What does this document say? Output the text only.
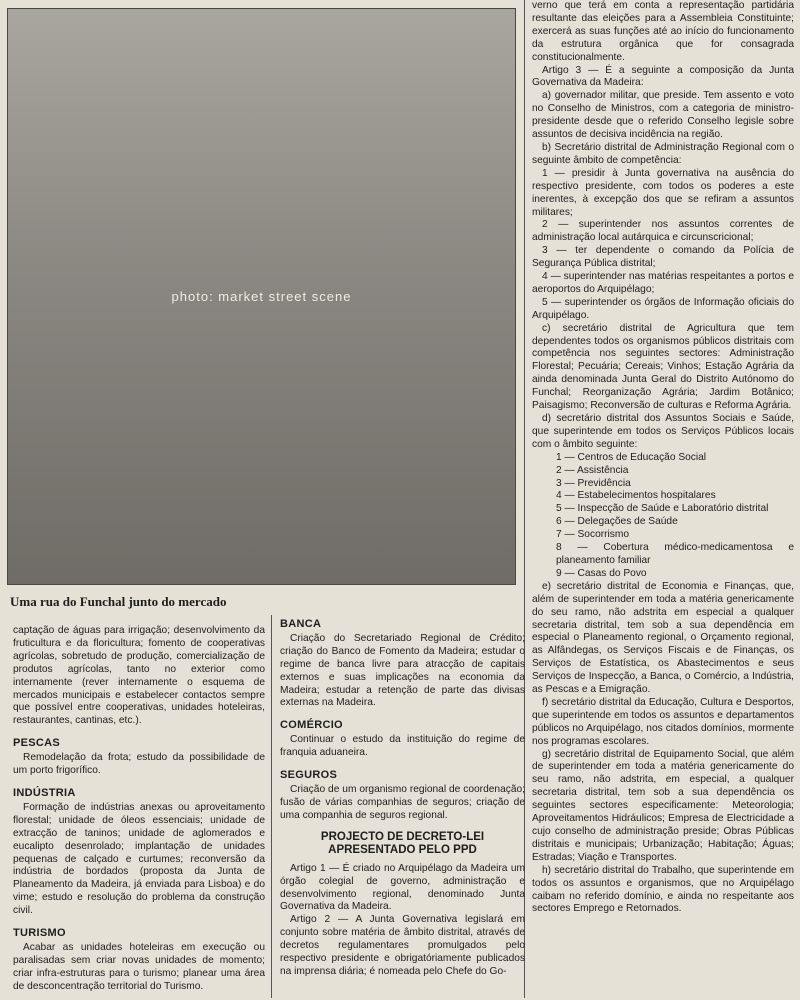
photo: market street scene
Uma rua do Funchal junto do mercado

captação de águas para irrigação; desenvolvimento da fruticultura e da floricultura; fomento de cooperativas agrícolas, sobretudo de produção, comercialização de produtos agrícolas, tanto no exterior como internamente (rever internamente o esquema de mercados municipais e estabelecer contactos sempre que possível entre cooperativas, unidades hoteleiras, restaurantes, cantinas, etc.).

PESCAS

Remodelação da frota; estudo da possibilidade de um porto frigorífico.

INDÚSTRIA

Formação de indústrias anexas ou aproveitamento florestal; unidade de óleos essenciais; unidade de extracção de taninos; unidade de aglomerados e eucalipto desenrolado; implantação de unidades pequenas de calçado e curtumes; reconversão da indústria de bordados (proposta da Junta de Planeamento da Madeira, já enviada para Lisboa) e do vime; estudo e resolução do problema da construção civil.

TURISMO

Acabar as unidades hoteleiras em execução ou paralisadas sem criar novas unidades de momento; criar infra-estruturas para o turismo; planear uma área de desconcentração territorial do Turismo.

BANCA

Criação do Secretariado Regional de Crédito; criação do Banco de Fomento da Madeira; estudar o regime de banca livre para atracção de capitais externos e suas implicações na economia da Madeira; estudar a retenção de parte das divisas externas na Madeira.

COMÉRCIO

Continuar o estudo da instituição do regime de franquia aduaneira.

SEGUROS

Criação de um organismo regional de coordenação; fusão de várias companhias de seguros; criação de uma companhia de seguros regional.

PROJECTO DE DECRETO-LEI
APRESENTADO PELO PPD

Artigo 1 — É criado no Arquipélago da Madeira um órgão colegial de governo, administração e desenvolvimento regional, denominado Junta Governativa da Madeira.

Artigo 2 — A Junta Governativa legislará em conjunto sobre matéria de âmbito distrital, através de decretos regulamentares promulgados pelo respectivo presidente e obrigatóriamente publicados na imprensa diária; é nomeada pelo Chefe do Go-

verno que terá em conta a representação partidária resultante das eleições para a Assembleia Constituinte; exercerá as suas funções até ao início do funcionamento da estrutura orgânica que for consagrada constitucionalmente.

Artigo 3 — É a seguinte a composição da Junta Governativa da Madeira:

a) governador militar, que preside. Tem assento e voto no Conselho de Ministros, com a categoria de ministro-presidente desde que o referido Conselho legisle sobre assuntos de decisiva incidência na região.

b) Secretário distrital de Administração Regional com o seguinte âmbito de competência:

1 — presidir à Junta governativa na ausência do respectivo presidente, com todos os poderes a este inerentes, à excepção dos que se refiram a assuntos militares;

2 — superintender nos assuntos correntes de administração local autárquica e circunscricional;

3 — ter dependente o comando da Polícia de Segurança Pública distrital;

4 — superintender nas matérias respeitantes a portos e aeroportos do Arquipélago;

5 — superintender os órgãos de Informação oficiais do Arquipélago.

c) secretário distrital de Agricultura que tem dependentes todos os organismos públicos distritais com competência nos seguintes sectores: Administração Florestal; Pecuária; Cereais; Vinhos; Estação Agrária da ainda denominada Junta Geral do Distrito Autónomo do Funchal; Reorganização Agrária; Jardim Botânico; Paisagismo; Reconversão de culturas e Reforma Agrária.

d) secretário distrital dos Assuntos Sociais e Saúde, que superintende em todos os Serviços Públicos locais com o âmbito seguinte:

1 — Centros de Educação Social

2 — Assistência

3 — Previdência

4 — Estabelecimentos hospitalares

5 — Inspecção de Saúde e Laboratório distrital

6 — Delegações de Saúde

7 — Socorrismo

8 — Cobertura médico-medicamentosa e planeamento familiar

9 — Casas do Povo

e) secretário distrital de Economia e Finanças, que, além de superintender em toda a matéria genericamente do seu ramo, não adstrita em especial a qualquer secretaria distrital, tem sob a sua dependência em especial o Planeamento regional, o Orçamento regional, as Alfândegas, os Serviços Fiscais e de Finanças, os Serviços de Estatística, os Abastecimentos e seus Serviços de Inspecção, a Banca, o Comércio, a Indústria, as Pescas e a Emigração.

f) secretário distrital da Educação, Cultura e Desportos, que superintende em todos os assuntos e departamentos públicos no Arquipélago, nos citados domínios, mormente nos programas escolares.

g) secretário distrital de Equipamento Social, que além de superintender em toda a matéria genericamente do seu ramo, não adstrita, em especial, a qualquer secretaria distrital, tem sob a sua dependência os seguintes sectores especificamente: Meteorologia; Aproveitamentos Hidráulicos; Empresa de Electricidade a cujo conselho de administração preside; Obras Públicas distritais e municipais; Urbanização; Habitação; Águas; Estradas; Viação e Transportes.

h) secretário distrital do Trabalho, que superintende em todos os assuntos e organismos, que no Arquipélago caibam no referido domínio, e ainda no respeitante aos sectores Emprego e Retornados.
